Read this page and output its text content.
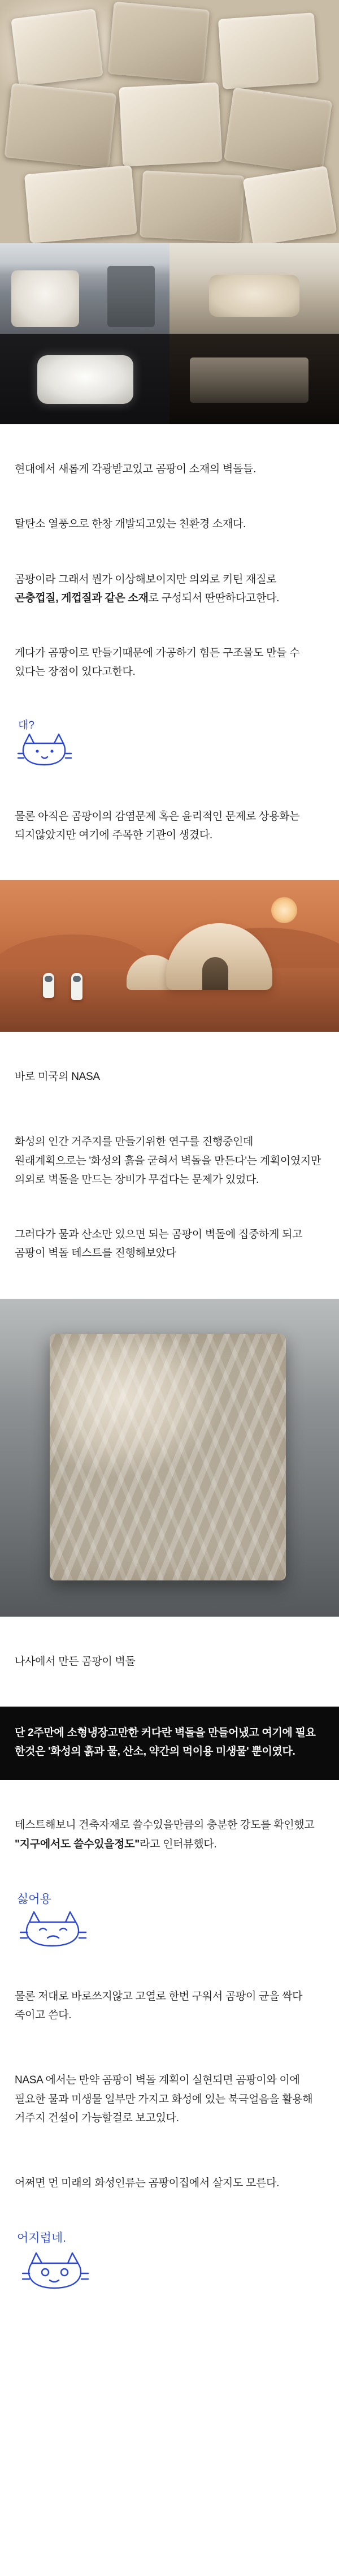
현대에서 새롭게 각광받고있고 곰팡이 소재의 벽돌들.

탈탄소 열풍으로 한창 개발되고있는 친환경 소재다.

곰팡이라 그래서 뭔가 이상해보이지만 의외로 키틴 재질로
곤충껍질, 게껍질과 같은 소재로 구성되서 딴딴하다고한다.

게다가 곰팡이로 만들기때문에 가공하기 힘든 구조물도 만들 수 있다는 장점이 있다고한다.

대?

물론 아직은 곰팡이의 감염문제 혹은 윤리적인 문제로 상용화는 되지않았지만 여기에 주목한 기관이 생겼다.

바로 미국의 NASA

화성의 인간 거주지를 만들기위한 연구를 진행중인데 원래계획으로는 '화성의 흙을 굳혀서 벽돌을 만든다'는 계획이였지만 의외로 벽돌을 만드는 장비가 무겁다는 문제가 있었다.

그러다가 물과 산소만 있으면 되는 곰팡이 벽돌에 집중하게 되고 곰팡이 벽돌 테스트를 진행해보았다

나사에서 만든 곰팡이 벽돌

단 2주만에 소형냉장고만한 커다란 벽돌을 만들어냈고 여기에 필요한것은 '화성의 흙과 물, 산소, 약간의 먹이용 미생물' 뿐이였다.

테스트해보니 건축자재로 쓸수있을만큼의 충분한 강도를 확인했고 "지구에서도 쓸수있을정도"라고 인터뷰했다.

싫어용

물론 저대로 바로쓰지않고 고열로 한번 구워서 곰팡이 균을 싹다 죽이고 쓴다.

NASA 에서는 만약 곰팡이 벽돌 계획이 실현되면 곰팡이와 이에 필요한 물과 미생물 일부만 가지고 화성에 있는 북극얼음을 활용해 거주지 건설이 가능할걸로 보고있다.

어쩌면 먼 미래의 화성인류는 곰팡이집에서 살지도 모른다.

어지럽네.
